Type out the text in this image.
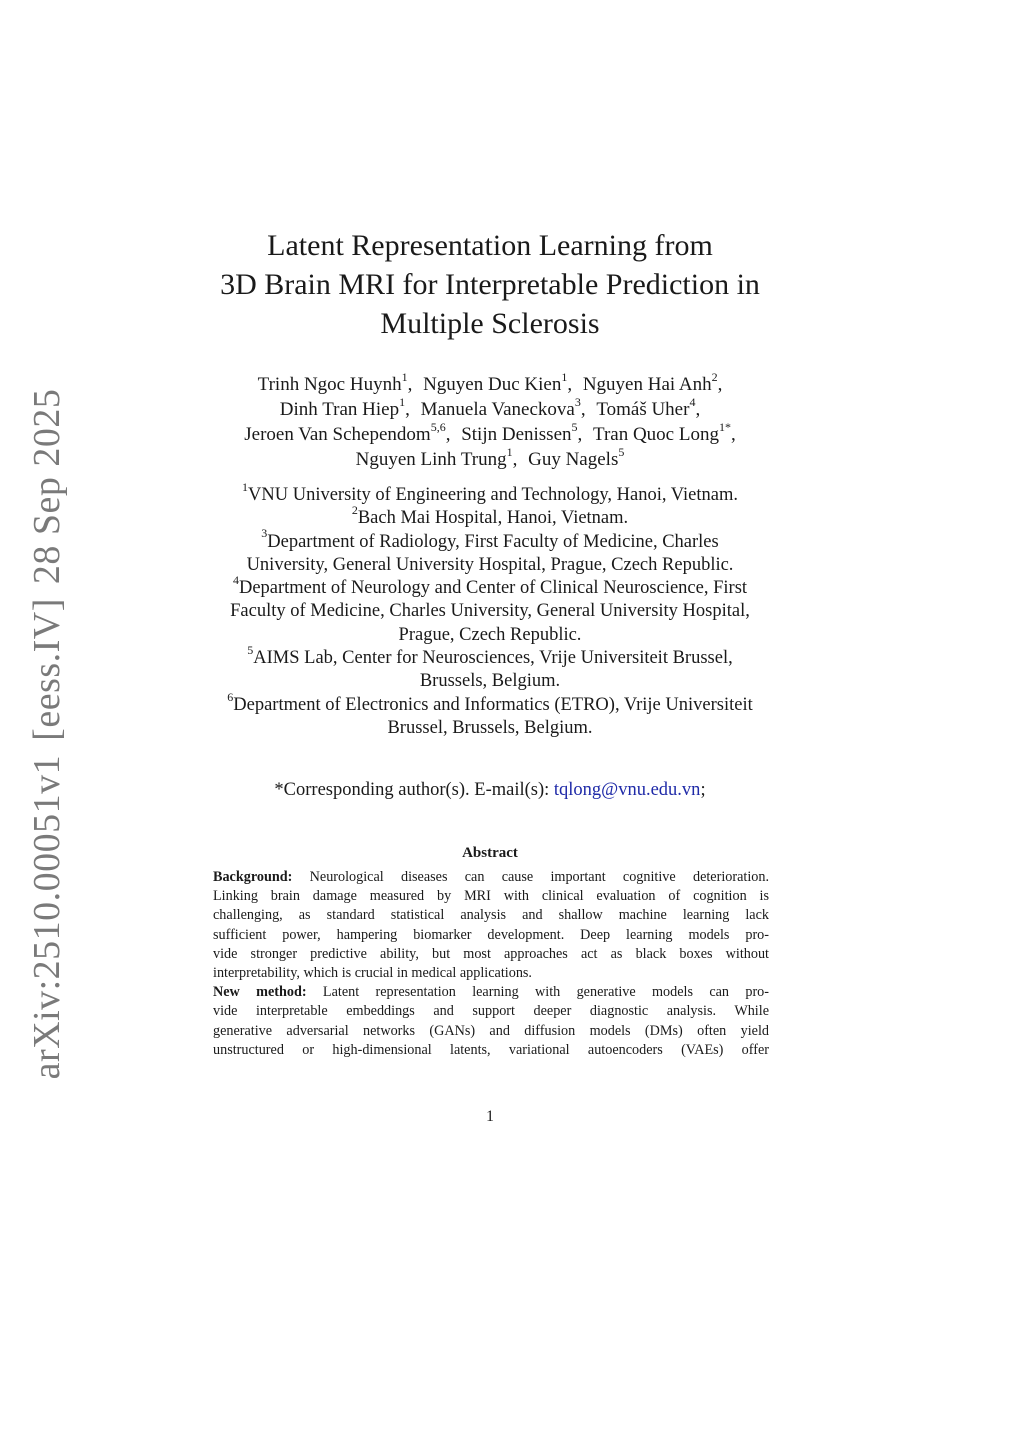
arXiv:2510.00051v1[eess.IV]28 Sep 2025
Latent Representation Learning from
3D Brain MRI for Interpretable Prediction in
Multiple Sclerosis
Trinh Ngoc Huynh$^1$, Nguyen Duc Kien$^1$, Nguyen Hai Anh$^2$,
Dinh Tran Hiep$^1$, Manuela Vaneckova$^3$, Tomáš Uher$^4$,
Jeroen Van Schependom$^{5,6}$, Stijn Denissen$^5$, Tran Quoc Long$^{1*}$,
Nguyen Linh Trung$^1$, Guy Nagels$^5$
$^1$VNU University of Engineering and Technology, Hanoi, Vietnam.
$^2$Bach Mai Hospital, Hanoi, Vietnam.
$^3$Department of Radiology, First Faculty of Medicine, Charles
University, General University Hospital, Prague, Czech Republic.
$^4$Department of Neurology and Center of Clinical Neuroscience, First
Faculty of Medicine, Charles University, General University Hospital,
Prague, Czech Republic.
$^5$AIMS Lab, Center for Neurosciences, Vrije Universiteit Brussel,
Brussels, Belgium.
$^6$Department of Electronics and Informatics (ETRO), Vrije Universiteit
Brussel, Brussels, Belgium.
*Corresponding author(s). E-mail(s): tqlong@vnu.edu.vn;
Abstract
Background: Neurological diseases can cause important cognitive deterioration.
Linking brain damage measured by MRI with clinical evaluation of cognition is
challenging, as standard statistical analysis and shallow machine learning lack
sufficient power, hampering biomarker development. Deep learning models pro-
vide stronger predictive ability, but most approaches act as black boxes without
interpretability, which is crucial in medical applications.
New method: Latent representation learning with generative models can pro-
vide interpretable embeddings and support deeper diagnostic analysis. While
generative adversarial networks (GANs) and diffusion models (DMs) often yield
unstructured or high-dimensional latents, variational autoencoders (VAEs) offer
1
